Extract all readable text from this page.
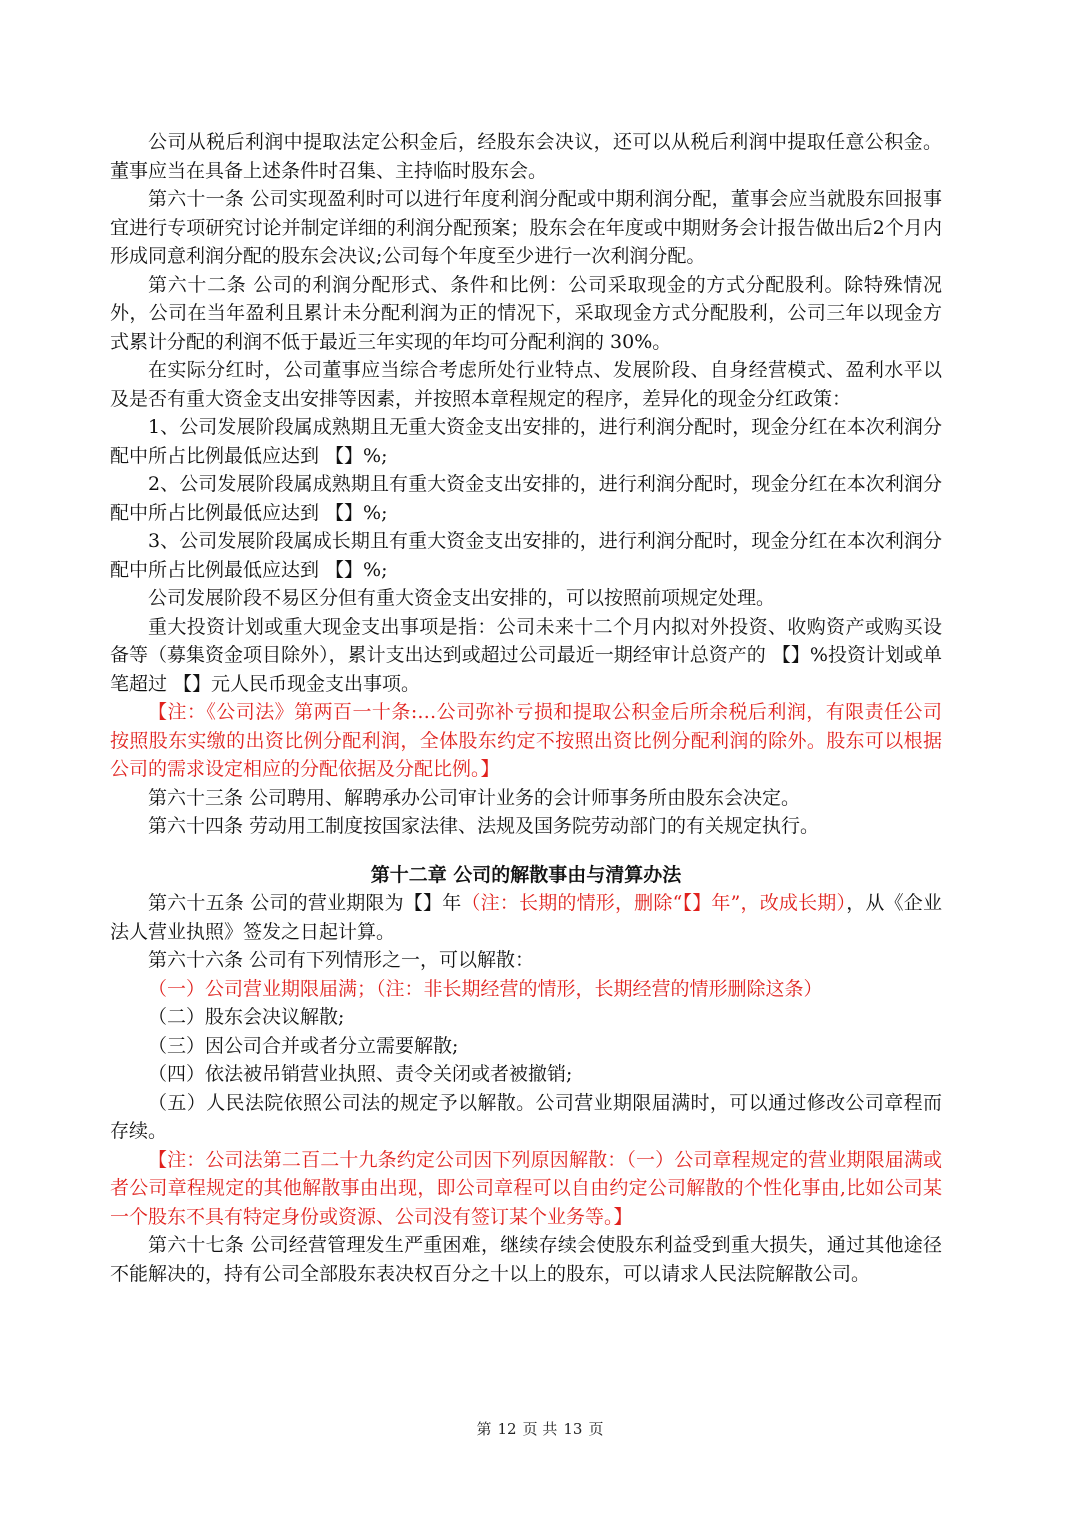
公司从税后利润中提取法定公积金后，经股东会决议，还可以从税后利润中提取任意公积金。董事应当在具备上述条件时召集、主持临时股东会。

第六十一条 公司实现盈利时可以进行年度利润分配或中期利润分配，董事会应当就股东回报事宜进行专项研究讨论并制定详细的利润分配预案；股东会在年度或中期财务会计报告做出后2个月内形成同意利润分配的股东会决议;公司每个年度至少进行一次利润分配。

第六十二条 公司的利润分配形式、条件和比例：公司采取现金的方式分配股利。除特殊情况外，公司在当年盈利且累计未分配利润为正的情况下，采取现金方式分配股利，公司三年以现金方式累计分配的利润不低于最近三年实现的年均可分配利润的 30%。

在实际分红时，公司董事应当综合考虑所处行业特点、发展阶段、自身经营模式、盈利水平以及是否有重大资金支出安排等因素，并按照本章程规定的程序，差异化的现金分红政策：

1、公司发展阶段属成熟期且无重大资金支出安排的，进行利润分配时，现金分红在本次利润分配中所占比例最低应达到 【】%;

2、公司发展阶段属成熟期且有重大资金支出安排的，进行利润分配时，现金分红在本次利润分配中所占比例最低应达到 【】%;

3、公司发展阶段属成长期且有重大资金支出安排的，进行利润分配时，现金分红在本次利润分配中所占比例最低应达到 【】%;

公司发展阶段不易区分但有重大资金支出安排的，可以按照前项规定处理。

重大投资计划或重大现金支出事项是指：公司未来十二个月内拟对外投资、收购资产或购买设备等（募集资金项目除外），累计支出达到或超过公司最近一期经审计总资产的 【】%投资计划或单笔超过 【】元人民币现金支出事项。

【注：《公司法》第两百一十条:…公司弥补亏损和提取公积金后所余税后利润，有限责任公司按照股东实缴的出资比例分配利润，全体股东约定不按照出资比例分配利润的除外。股东可以根据公司的需求设定相应的分配依据及分配比例。】

第六十三条 公司聘用、解聘承办公司审计业务的会计师事务所由股东会决定。

第六十四条 劳动用工制度按国家法律、法规及国务院劳动部门的有关规定执行。

第十二章 公司的解散事由与清算办法

第六十五条 公司的营业期限为【】年（注：长期的情形，删除“【】年”，改成长期），从《企业法人营业执照》签发之日起计算。

第六十六条 公司有下列情形之一，可以解散：

（一）公司营业期限届满；（注：非长期经营的情形，长期经营的情形删除这条）

（二）股东会决议解散;

（三）因公司合并或者分立需要解散;

（四）依法被吊销营业执照、责令关闭或者被撤销;

（五）人民法院依照公司法的规定予以解散。公司营业期限届满时，可以通过修改公司章程而存续。

【注：公司法第二百二十九条约定公司因下列原因解散：（一）公司章程规定的营业期限届满或者公司章程规定的其他解散事由出现，即公司章程可以自由约定公司解散的个性化事由,比如公司某一个股东不具有特定身份或资源、公司没有签订某个业务等。】

第六十七条 公司经营管理发生严重困难，继续存续会使股东利益受到重大损失，通过其他途径不能解决的，持有公司全部股东表决权百分之十以上的股东，可以请求人民法院解散公司。

第 12 页 共 13 页
